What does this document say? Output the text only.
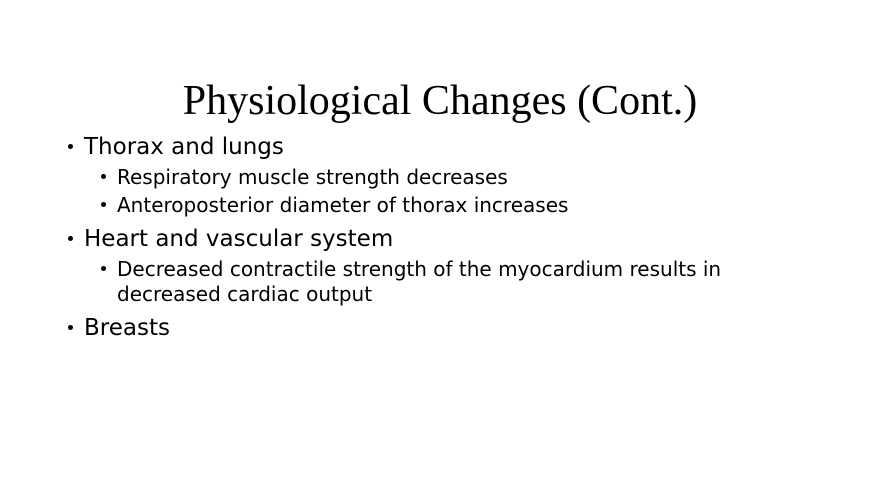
Physiological Changes (Cont.)
Thorax and lungs
Respiratory muscle strength decreases
Anteroposterior diameter of thorax increases
Heart and vascular system
Decreased contractile strength of the myocardium results in decreased cardiac output
Breasts
